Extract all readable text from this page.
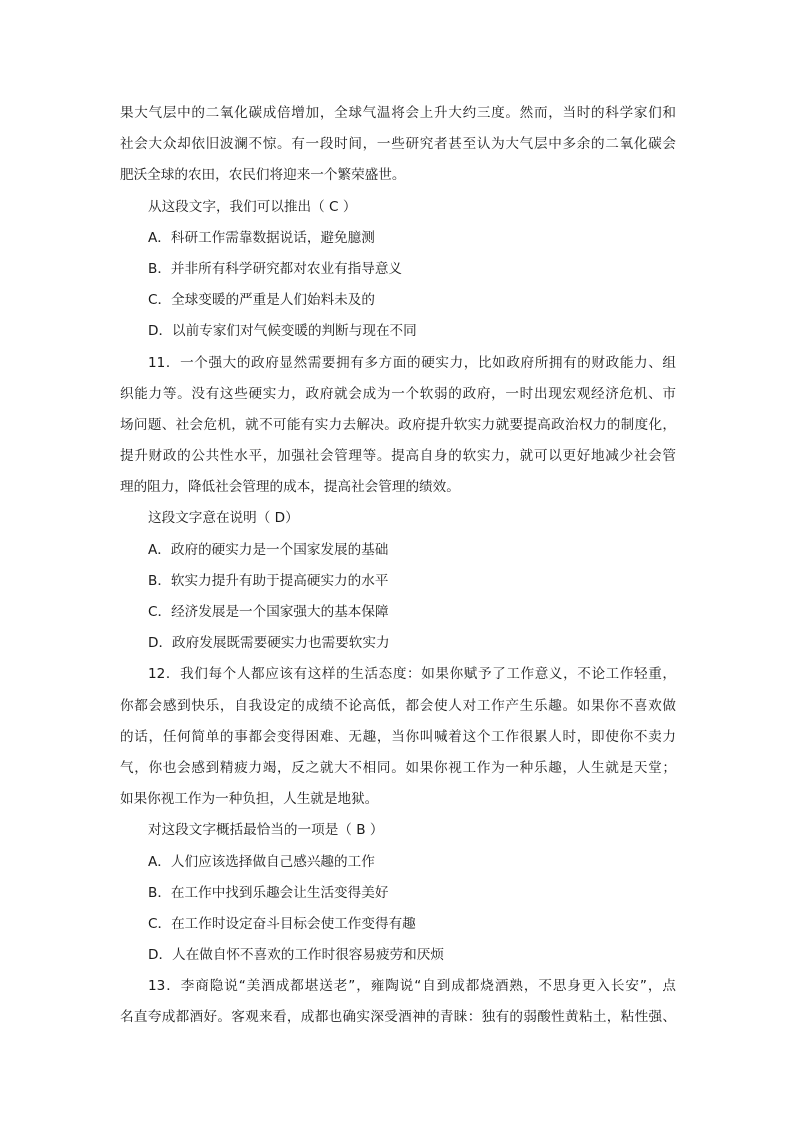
果大气层中的二氧化碳成倍增加，全球气温将会上升大约三度。然而，当时的科学家们和
社会大众却依旧波澜不惊。有一段时间，一些研究者甚至认为大气层中多余的二氧化碳会
肥沃全球的农田，农民们将迎来一个繁荣盛世。
从这段文字，我们可以推出（ C ）
A．科研工作需靠数据说话，避免臆测
B．并非所有科学研究都对农业有指导意义
C．全球变暖的严重是人们始料未及的
D．以前专家们对气候变暖的判断与现在不同
11．一个强大的政府显然需要拥有多方面的硬实力，比如政府所拥有的财政能力、组
织能力等。没有这些硬实力，政府就会成为一个软弱的政府，一时出现宏观经济危机、市
场问题、社会危机，就不可能有实力去解决。政府提升软实力就要提高政治权力的制度化，
提升财政的公共性水平，加强社会管理等。提高自身的软实力，就可以更好地减少社会管
理的阻力，降低社会管理的成本，提高社会管理的绩效。
这段文字意在说明（ D）
A．政府的硬实力是一个国家发展的基础
B．软实力提升有助于提高硬实力的水平
C．经济发展是一个国家强大的基本保障
D．政府发展既需要硬实力也需要软实力
12．我们每个人都应该有这样的生活态度：如果你赋予了工作意义，不论工作轻重，
你都会感到快乐，自我设定的成绩不论高低，都会使人对工作产生乐趣。如果你不喜欢做
的话，任何简单的事都会变得困难、无趣，当你叫喊着这个工作很累人时，即使你不卖力
气，你也会感到精疲力竭，反之就大不相同。如果你视工作为一种乐趣，人生就是天堂；
如果你视工作为一种负担，人生就是地狱。
对这段文字概括最恰当的一项是（ B ）
A．人们应该选择做自己感兴趣的工作
B．在工作中找到乐趣会让生活变得美好
C．在工作时设定奋斗目标会使工作变得有趣
D．人在做自怀不喜欢的工作时很容易疲劳和厌烦
13．李商隐说“美酒成都堪送老”，雍陶说“自到成都烧酒熟，不思身更入长安”，点
名直夸成都酒好。客观来看，成都也确实深受酒神的青睐：独有的弱酸性黄粘土，粘性强、
